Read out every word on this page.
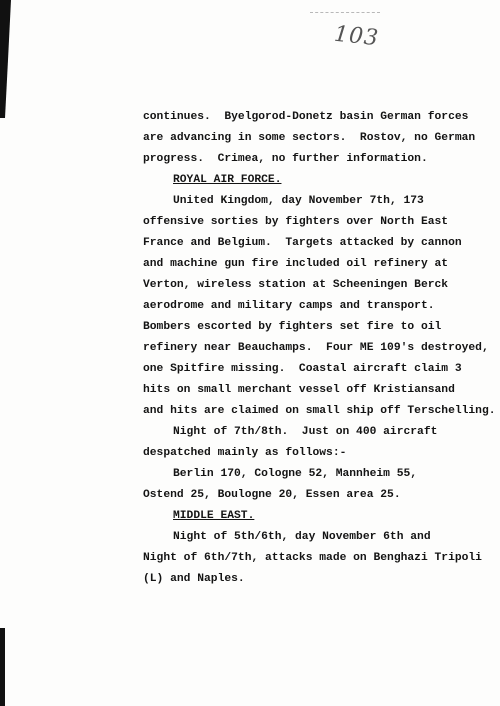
103
continues.  Byelgorod-Donetz basin German forces
are advancing in some sectors.  Rostov, no German
progress.  Crimea, no further information.
ROYAL AIR FORCE.
United Kingdom, day November 7th, 173
offensive sorties by fighters over North East
France and Belgium.  Targets attacked by cannon
and machine gun fire included oil refinery at
Verton, wireless station at Scheeningen Berck
aerodrome and military camps and transport.
Bombers escorted by fighters set fire to oil
refinery near Beauchamps.  Four ME 109's destroyed,
one Spitfire missing.  Coastal aircraft claim 3
hits on small merchant vessel off Kristiansand
and hits are claimed on small ship off Terschelling.
Night of 7th/8th.  Just on 400 aircraft
despatched mainly as follows:-
Berlin 170, Cologne 52, Mannheim 55,
Ostend 25, Boulogne 20, Essen area 25.
MIDDLE EAST.
Night of 5th/6th, day November 6th and
Night of 6th/7th, attacks made on Benghazi Tripoli
(L) and Naples.
